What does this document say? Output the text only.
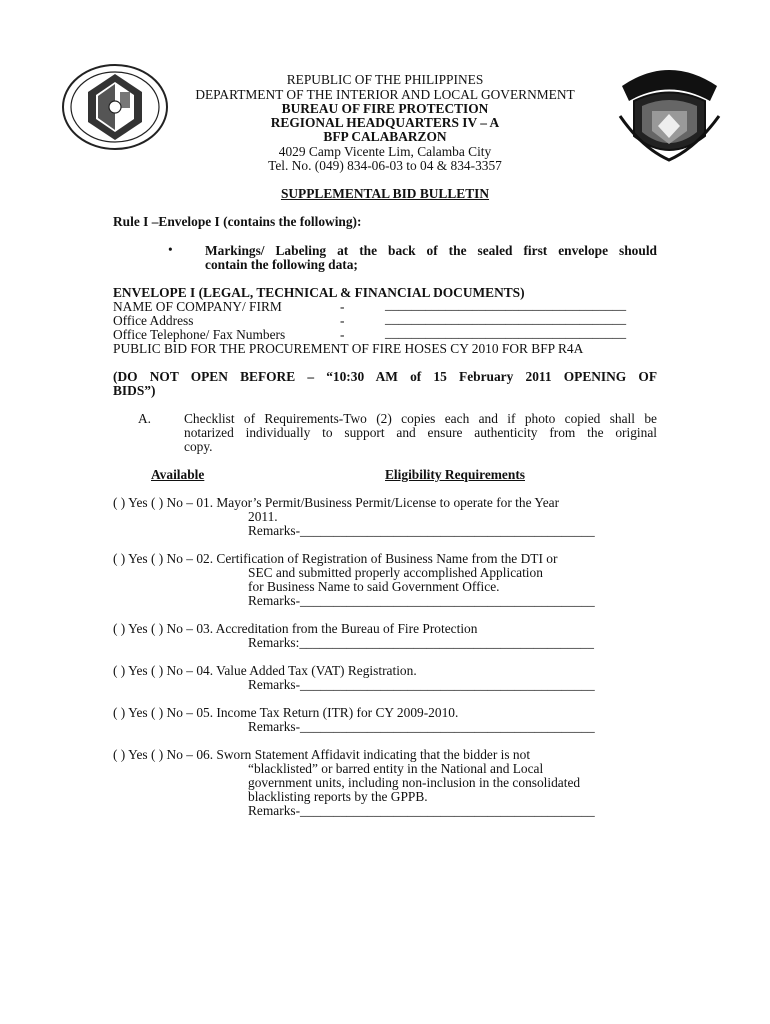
REPUBLIC OF THE PHILIPPINES
DEPARTMENT OF THE INTERIOR AND LOCAL GOVERNMENT
BUREAU OF FIRE PROTECTION
REGIONAL HEADQUARTERS IV – A
BFP CALABARZON
4029 Camp Vicente Lim, Calamba City
Tel. No. (049) 834-06-03 to 04 & 834-3357
SUPPLEMENTAL BID BULLETIN
Rule I –Envelope I (contains the following):
• Markings/ Labeling at the back of the sealed first envelope should
contain the following data;
ENVELOPE I (LEGAL, TECHNICAL & FINANCIAL DOCUMENTS)
NAME OF COMPANY/ FIRM	-	____________________________________
Office Address	-	____________________________________
Office Telephone/ Fax Numbers	-	____________________________________
PUBLIC BID FOR THE PROCUREMENT OF FIRE HOSES CY 2010 FOR BFP R4A
(DO NOT OPEN BEFORE – “10:30 AM of 15 February 2011 OPENING OF
BIDS”)
A. Checklist of Requirements-Two (2) copies each and if photo copied shall be
notarized individually to support and ensure authenticity from the original
copy.
Available	Eligibility Requirements
( ) Yes ( ) No – 01. Mayor’s Permit/Business Permit/License to operate for the Year
2011.
Remarks-____________________________________________
( ) Yes ( ) No – 02. Certification of Registration of Business Name from the DTI or
SEC and submitted properly accomplished Application
for Business Name to said Government Office.
Remarks-____________________________________________
( ) Yes ( ) No – 03. Accreditation from the Bureau of Fire Protection
Remarks:____________________________________________
( ) Yes ( ) No – 04. Value Added Tax (VAT) Registration.
Remarks-____________________________________________
( ) Yes ( ) No – 05. Income Tax Return (ITR) for CY 2009-2010.
Remarks-____________________________________________
( ) Yes ( ) No – 06. Sworn Statement Affidavit indicating that the bidder is not
“blacklisted” or barred entity in the National and Local
government units, including non-inclusion in the consolidated
blacklisting reports by the GPPB.
Remarks-____________________________________________
